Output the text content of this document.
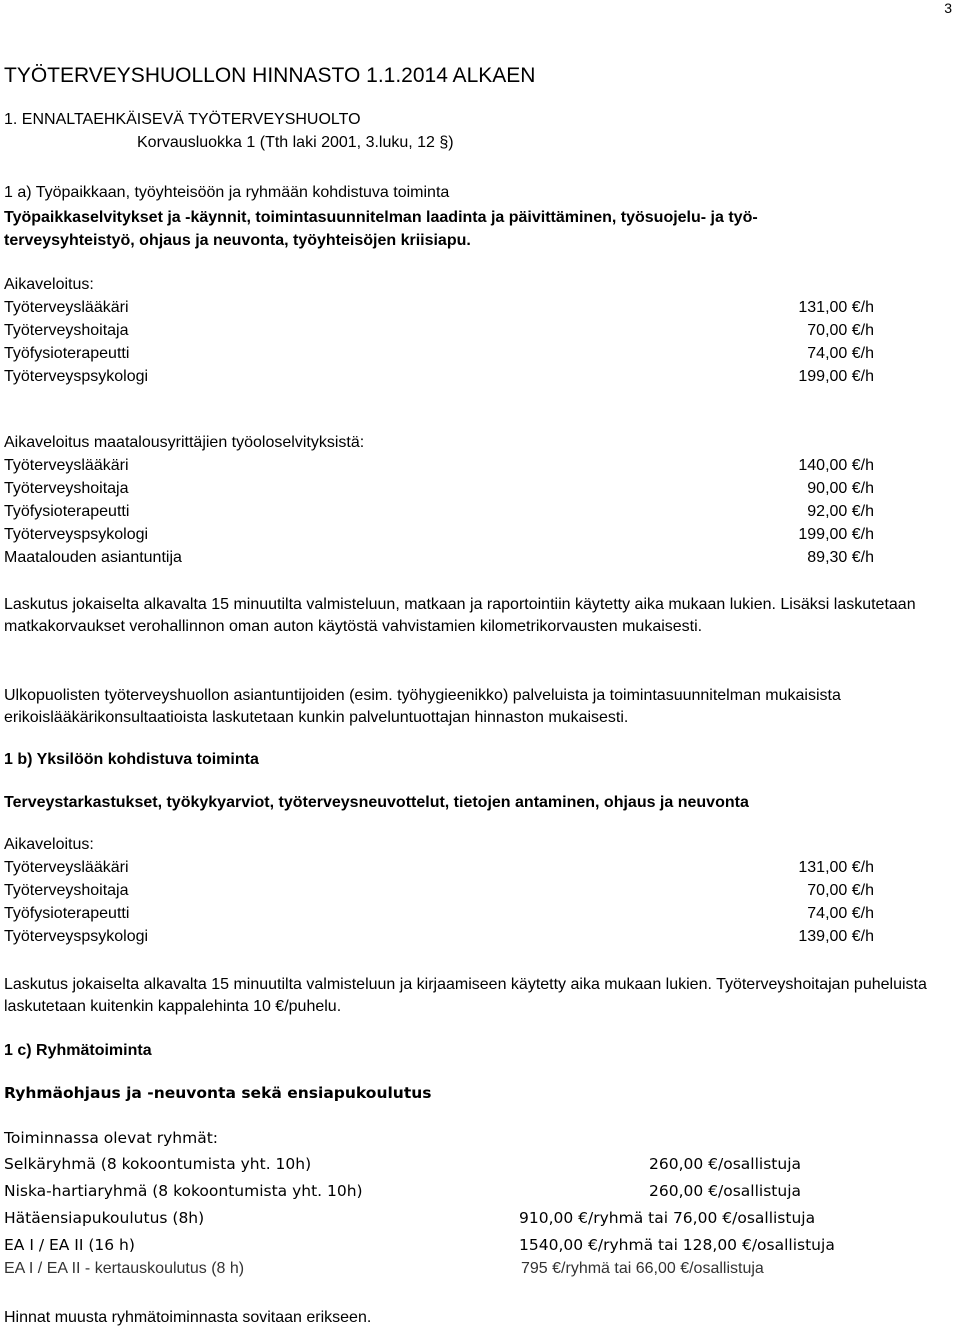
3
TYÖTERVEYSHUOLLON HINNASTO 1.1.2014 ALKAEN
1. ENNALTAEHKÄISEVÄ TYÖTERVEYSHUOLTO
Korvausluokka 1 (Tth laki 2001, 3.luku, 12 §)
1 a) Työpaikkaan, työyhteisöön ja ryhmään kohdistuva toiminta
Työpaikkaselvitykset ja -käynnit, toimintasuunnitelman laadinta ja päivittäminen, työsuojelu- ja työ-
terveysyhteistyö, ohjaus ja neuvonta, työyhteisöjen kriisiapu.
Aikaveloitus:
Työterveyslääkäri	131,00 €/h
Työterveyshoitaja	70,00 €/h
Työfysioterapeutti	74,00 €/h
Työterveyspsykologi	199,00 €/h
Aikaveloitus maatalousyrittäjien työoloselvityksistä:
Työterveyslääkäri	140,00 €/h
Työterveyshoitaja	90,00 €/h
Työfysioterapeutti	92,00 €/h
Työterveyspsykologi	199,00 €/h
Maatalouden asiantuntija	89,30 €/h
Laskutus jokaiselta alkavalta 15 minuutilta valmisteluun, matkaan ja raportointiin käytetty aika mukaan lukien. Lisäksi laskutetaan matkakorvaukset verohallinnon oman auton käytöstä vahvistamien kilometrikorvausten mukaisesti.
Ulkopuolisten työterveyshuollon asiantuntijoiden (esim. työhygieenikko) palveluista ja toimintasuunnitelman mukaisista erikoislääkärikonsultaatioista laskutetaan kunkin palveluntuottajan hinnaston mukaisesti.
1 b) Yksilöön kohdistuva toiminta
Terveystarkastukset, työkykyarviot, työterveysneuvottelut, tietojen antaminen, ohjaus ja neuvonta
Aikaveloitus:
Työterveyslääkäri	131,00 €/h
Työterveyshoitaja	70,00 €/h
Työfysioterapeutti	74,00 €/h
Työterveyspsykologi	139,00 €/h
Laskutus jokaiselta alkavalta 15 minuutilta valmisteluun ja kirjaamiseen käytetty aika mukaan lukien. Työterveyshoitajan puheluista laskutetaan kuitenkin kappalehinta 10 €/puhelu.
1 c) Ryhmätoiminta
Ryhmäohjaus ja -neuvonta sekä ensiapukoulutus
Toiminnassa olevat ryhmät:
Selkäryhmä (8 kokoontumista yht. 10h)	260,00 €/osallistuja
Niska-hartiaryhmä (8 kokoontumista yht. 10h)	260,00 €/osallistuja
Hätäensiapukoulutus (8h)	910,00 €/ryhmä tai 76,00 €/osallistuja
EA I / EA II (16 h)	1540,00 €/ryhmä tai 128,00 €/osallistuja
EA I / EA II - kertauskoulutus (8 h)	795 €/ryhmä tai 66,00 €/osallistuja
Hinnat muusta ryhmätoiminnasta sovitaan erikseen.
